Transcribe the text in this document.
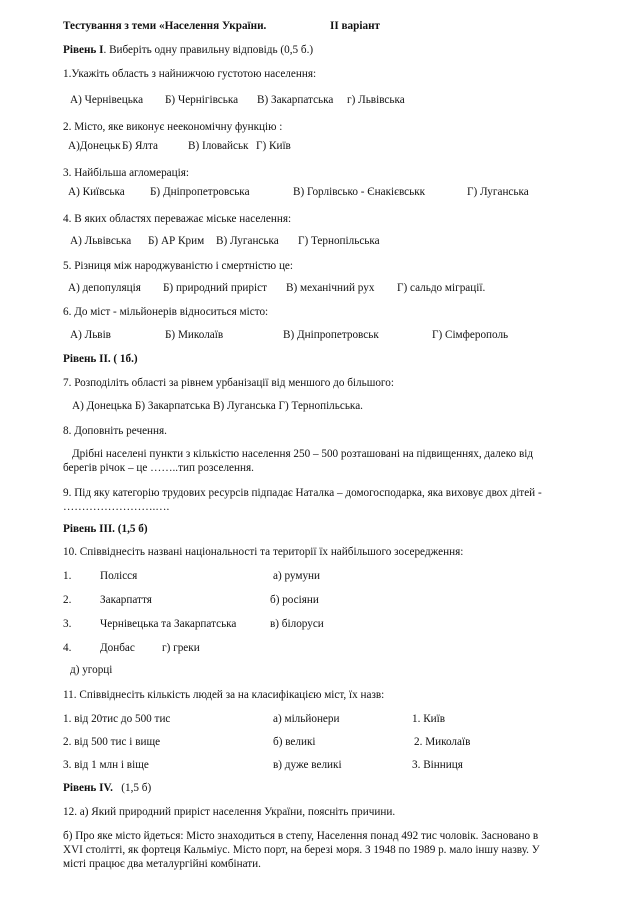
Тестування з теми «Населення України.	ІІ варіант
Рівень І. Виберіть одну правильну відповідь (0,5 б.)
1.Укажіть область з найнижчою густотою населення:
А) Чернівецька Б) Чернігівська В) Закарпатська г) Львівська
2. Місто, яке виконує неекономічну функцію :
А)Донецьк Б) Ялта	В) Іловайськ Г) Київ
3. Найбільша агломерація:
А) Київська Б) Дніпропетровська	В) Горлівсько - Єнакієвськк	Г) Луганська
4. В яких областях переважає міське населення:
А) Львівська Б) АР Крим В) Луганська Г) Тернопільська
5. Різниця між народжуваністю і смертністю це:
А) депопуляція Б) природний приріст В) механічний рух Г) сальдо міграції.
6. До міст - мільйонерів відноситься місто:
А) Львів	Б) Миколаїв	В) Дніпропетровськ	Г) Сімферополь
Рівень ІІ. ( 1б.)
7. Розподіліть області за рівнем урбанізації від меншого до більшого:
А) Донецька Б) Закарпатська В) Луганська Г) Тернопільська.
8. Доповніть речення.
Дрібні населені пункти з кількістю населення 250 – 500 розташовані на підвищеннях, далеко від
берегів річок – це ……..тип розселення.
9. Під яку категорію трудових ресурсів підпадає Наталка – домогосподарка, яка виховує двох дітей -
…………………….….
Рівень ІІІ. (1,5 б)
10. Співвіднесіть названі національності та території їх найбільшого зосередження:
1.	Полісся	а) румуни
2.	Закарпаття	б) росіяни
3.	Чернівецька та Закарпатська	в) білоруси
4.	Донбас г) греки
д) угорці
11. Співвіднесіть кількість людей за на класифікацією міст, їх назв:
1. від 20тис до 500 тис	а) мільйонери	1. Київ
2. від 500 тис і вище	б) великі	2. Миколаїв
3. від 1 млн і віще	в) дуже великі	3. Вінниця
Рівень IV. (1,5 б)
12. а) Який природний приріст населення України, поясніть причини.
б) Про яке місто йдеться: Місто знаходиться в степу, Населення понад 492 тис чоловік. Засновано в
XVI столітті, як фортеця Кальміус. Місто порт, на березі моря. З 1948 по 1989 р. мало іншу назву. У
місті працює два металургійні комбінати.
